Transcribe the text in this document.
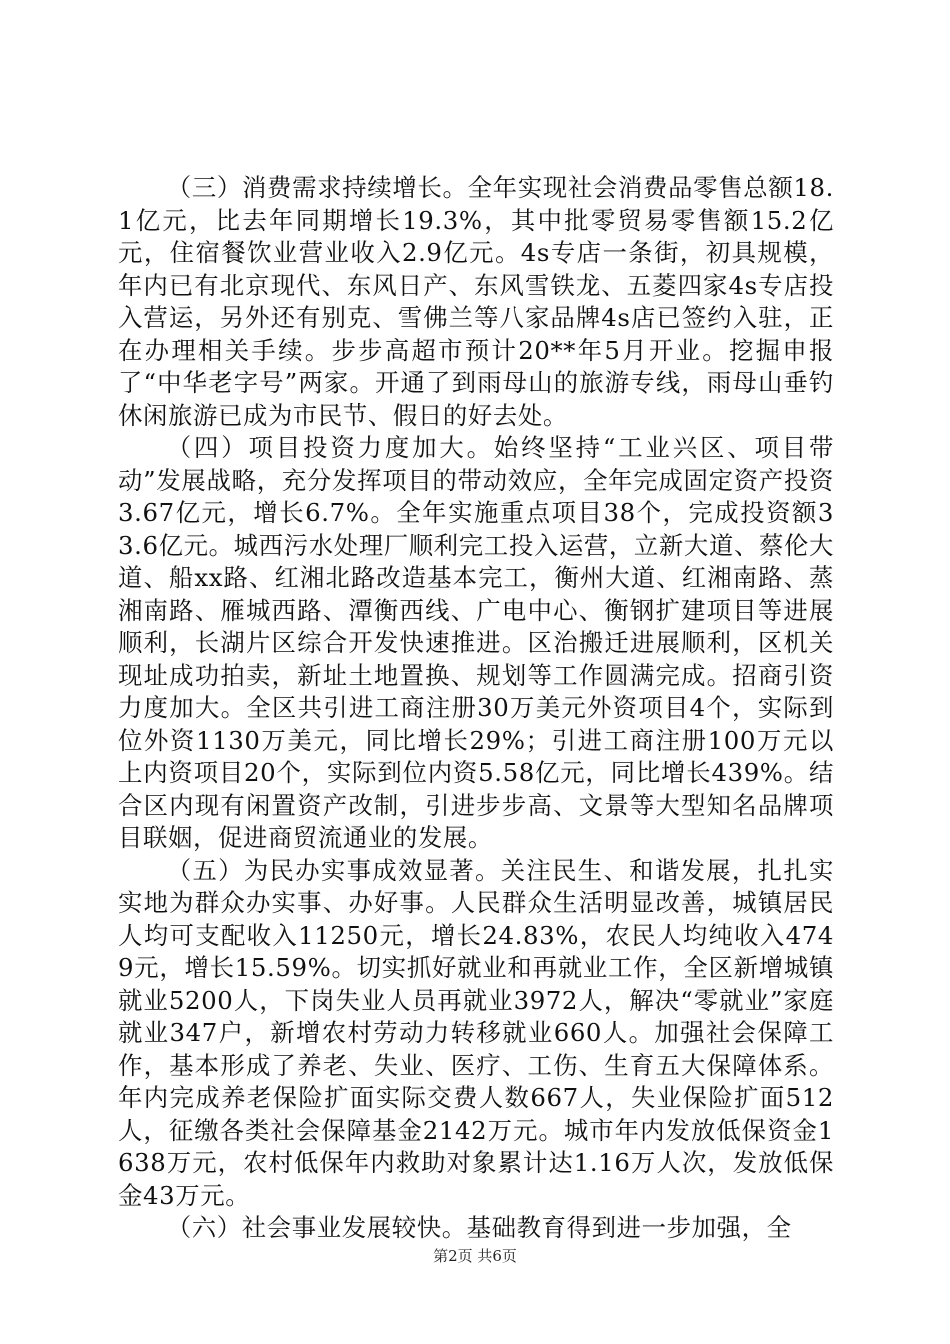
（三）消费需求持续增长。全年实现社会消费品零售总额18.1亿元，比去年同期增长19.3%，其中批零贸易零售额15.2亿元，住宿餐饮业营业收入2.9亿元。4s专店一条街，初具规模，年内已有北京现代、东风日产、东风雪铁龙、五菱四家4s专店投入营运，另外还有别克、雪佛兰等八家品牌4s店已签约入驻，正在办理相关手续。步步高超市预计20**年5月开业。挖掘申报了“中华老字号”两家。开通了到雨母山的旅游专线，雨母山垂钓休闲旅游已成为市民节、假日的好去处。

（四）项目投资力度加大。始终坚持“工业兴区、项目带动”发展战略，充分发挥项目的带动效应，全年完成固定资产投资3.67亿元，增长6.7%。全年实施重点项目38个，完成投资额33.6亿元。城西污水处理厂顺利完工投入运营，立新大道、蔡伦大道、船xx路、红湘北路改造基本完工，衡州大道、红湘南路、蒸湘南路、雁城西路、潭衡西线、广电中心、衡钢扩建项目等进展顺利，长湖片区综合开发快速推进。区治搬迁进展顺利，区机关现址成功拍卖，新址土地置换、规划等工作圆满完成。招商引资力度加大。全区共引进工商注册30万美元外资项目4个，实际到位外资1130万美元，同比增长29%；引进工商注册100万元以上内资项目20个，实际到位内资5.58亿元，同比增长439%。结合区内现有闲置资产改制，引进步步高、文景等大型知名品牌项目联姻，促进商贸流通业的发展。

（五）为民办实事成效显著。关注民生、和谐发展，扎扎实实地为群众办实事、办好事。人民群众生活明显改善，城镇居民人均可支配收入11250元，增长24.83%，农民人均纯收入4749元，增长15.59%。切实抓好就业和再就业工作，全区新增城镇就业5200人，下岗失业人员再就业3972人，解决“零就业”家庭就业347户，新增农村劳动力转移就业660人。加强社会保障工作，基本形成了养老、失业、医疗、工伤、生育五大保障体系。年内完成养老保险扩面实际交费人数667人，失业保险扩面512人，征缴各类社会保障基金2142万元。城市年内发放低保资金1638万元，农村低保年内救助对象累计达1.16万人次，发放低保金43万元。

（六）社会事业发展较快。基础教育得到进一步加强，全

第2页 共6页
